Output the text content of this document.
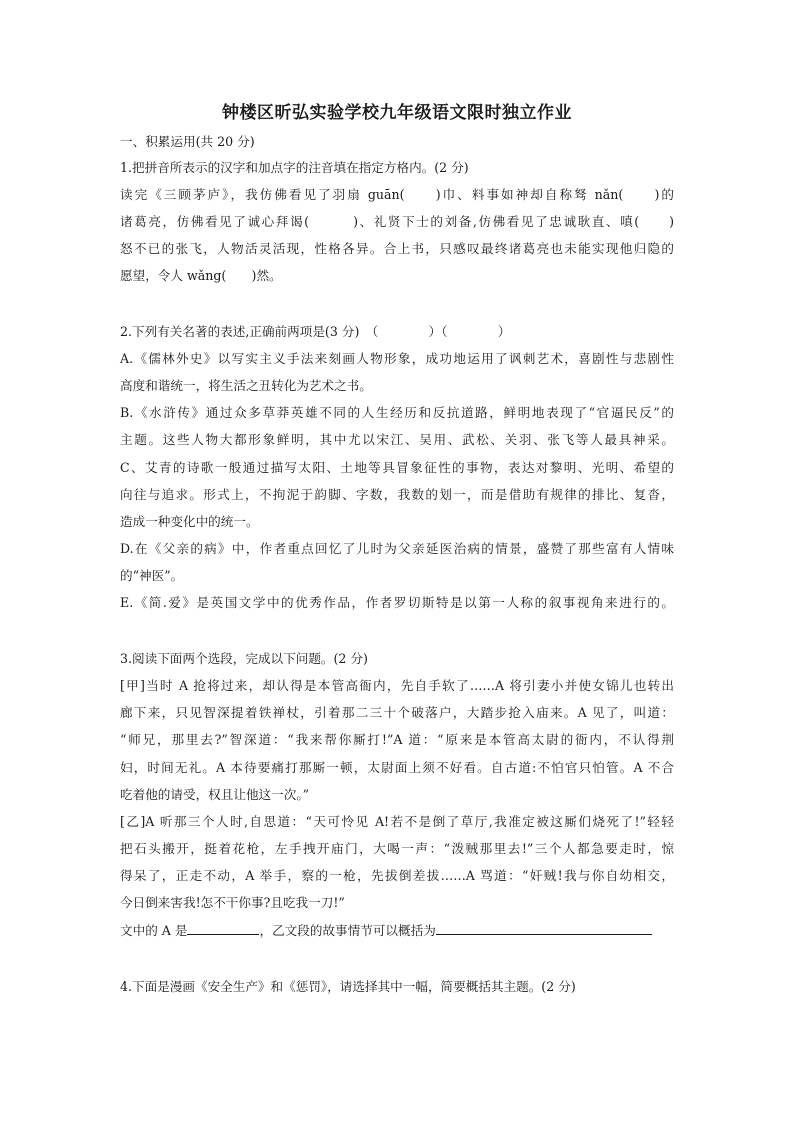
钟楼区昕弘实验学校九年级语文限时独立作业
一、积累运用(共 20 分)
1.把拼音所表示的汉字和加点字的注音填在指定方格内。(2 分)
读完《三顾茅庐》，我仿佛看见了羽扇 guān(　　)巾、料事如神却自称驽 nǎn(　　)的
诸葛亮，仿佛看见了诚心拜谒(　　　)、礼贤下士的刘备,仿佛看见了忠诚耿直、嗔(　　)
怒不已的张飞，人物活灵活现，性格各异。合上书，只感叹最终诸葛亮也未能实现他归隐的
愿望，令人 wǎng(　　)然。
2.下列有关名著的表述,正确前两项是(3 分)　（　　　　）（　　　　）
A.《儒林外史》以写实主义手法来刻画人物形象，成功地运用了讽刺艺术，喜剧性与悲剧性
高度和谐统一，将生活之丑转化为艺术之书。
B.《水浒传》通过众多草莽英雄不同的人生经历和反抗道路，鲜明地表现了“官逼民反”的
主题。这些人物大都形象鲜明，其中尤以宋江、吴用、武松、关羽、张飞等人最具神采。
C、艾青的诗歌一般通过描写太阳、土地等具冒象征性的事物，表达对黎明、光明、希望的
向往与追求。形式上，不拘泥于韵脚、字数，我数的划一，而是借助有规律的排比、复沓，
造成一种变化中的统一。
D.在《父亲的病》中，作者重点回忆了儿时为父亲延医治病的情景，盛赞了那些富有人情味
的“神医”。
E.《简.爱》是英国文学中的优秀作品，作者罗切斯特是以第一人称的叙事视角来进行的。
3.阅读下面两个选段，完成以下问题。(2 分)
[甲]当时 A 抢将过来，却认得是本管高衙内，先自手软了……A 将引妻小并使女锦儿也转出
廊下来，只见智深提着铁禅杖，引着那二三十个破落户，大踏步抢入庙来。A 见了，叫道：
“师兄，那里去?”智深道：“我来帮你厮打!”A 道：“原来是本管高太尉的衙内，不认得荆
妇，时间无礼。A 本待要痛打那厮一顿，太尉面上须不好看。自古道:不怕官只怕管。A 不合
吃着他的请受，权且让他这一次。”
[乙]A 听那三个人时,自思道：“天可怜见 A!若不是倒了草厅,我准定被这厮们烧死了!”轻轻
把石头搬开，挺着花枪，左手拽开庙门，大喝一声：“泼贼那里去!”三个人都急要走时，惊
得呆了，正走不动，A 举手，察的一枪，先拔倒差拔……A 骂道：“奸贼!我与你自幼相交，
今日倒来害我!怎不干你事?且吃我一刀!”
文中的 A 是	，乙文段的故事情节可以概括为
4.下面是漫画《安全生产》和《惩罚》，请选择其中一幅，简要概括其主题。(2 分)
